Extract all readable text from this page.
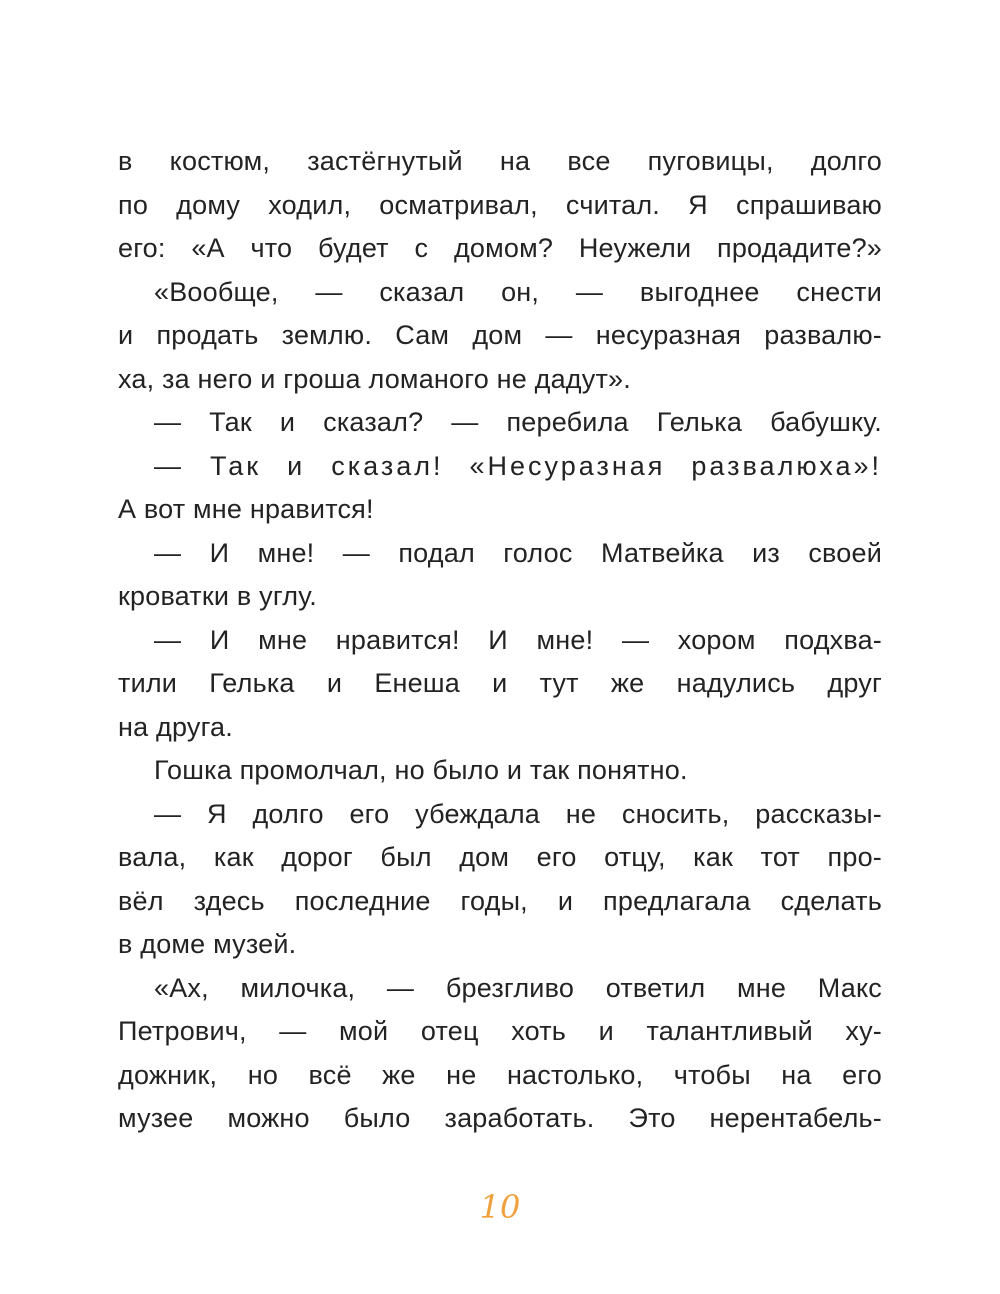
в костюм, застёгнутый на все пуговицы, долго
по дому ходил, осматривал, считал. Я спрашиваю
его: «А что будет с домом? Неужели продадите?»
«Вообще, — сказал он, — выгоднее снести
и продать землю. Сам дом — несуразная развалю-
ха, за него и гроша ломаного не дадут».
— Так и сказал? — перебила Гелька бабушку.
— Так и сказал! «Несуразная развалюха»!
А вот мне нравится!
— И мне! — подал голос Матвейка из своей
кроватки в углу.
— И мне нравится! И мне! — хором подхва-
тили Гелька и Енеша и тут же надулись друг
на друга.
Гошка промолчал, но было и так понятно.
— Я долго его убеждала не сносить, рассказы-
вала, как дорог был дом его отцу, как тот про-
вёл здесь последние годы, и предлагала сделать
в доме музей.
«Ах, милочка, — брезгливо ответил мне Макс
Петрович, — мой отец хоть и талантливый ху-
дожник, но всё же не настолько, чтобы на его
музее можно было заработать. Это нерентабель-
10
